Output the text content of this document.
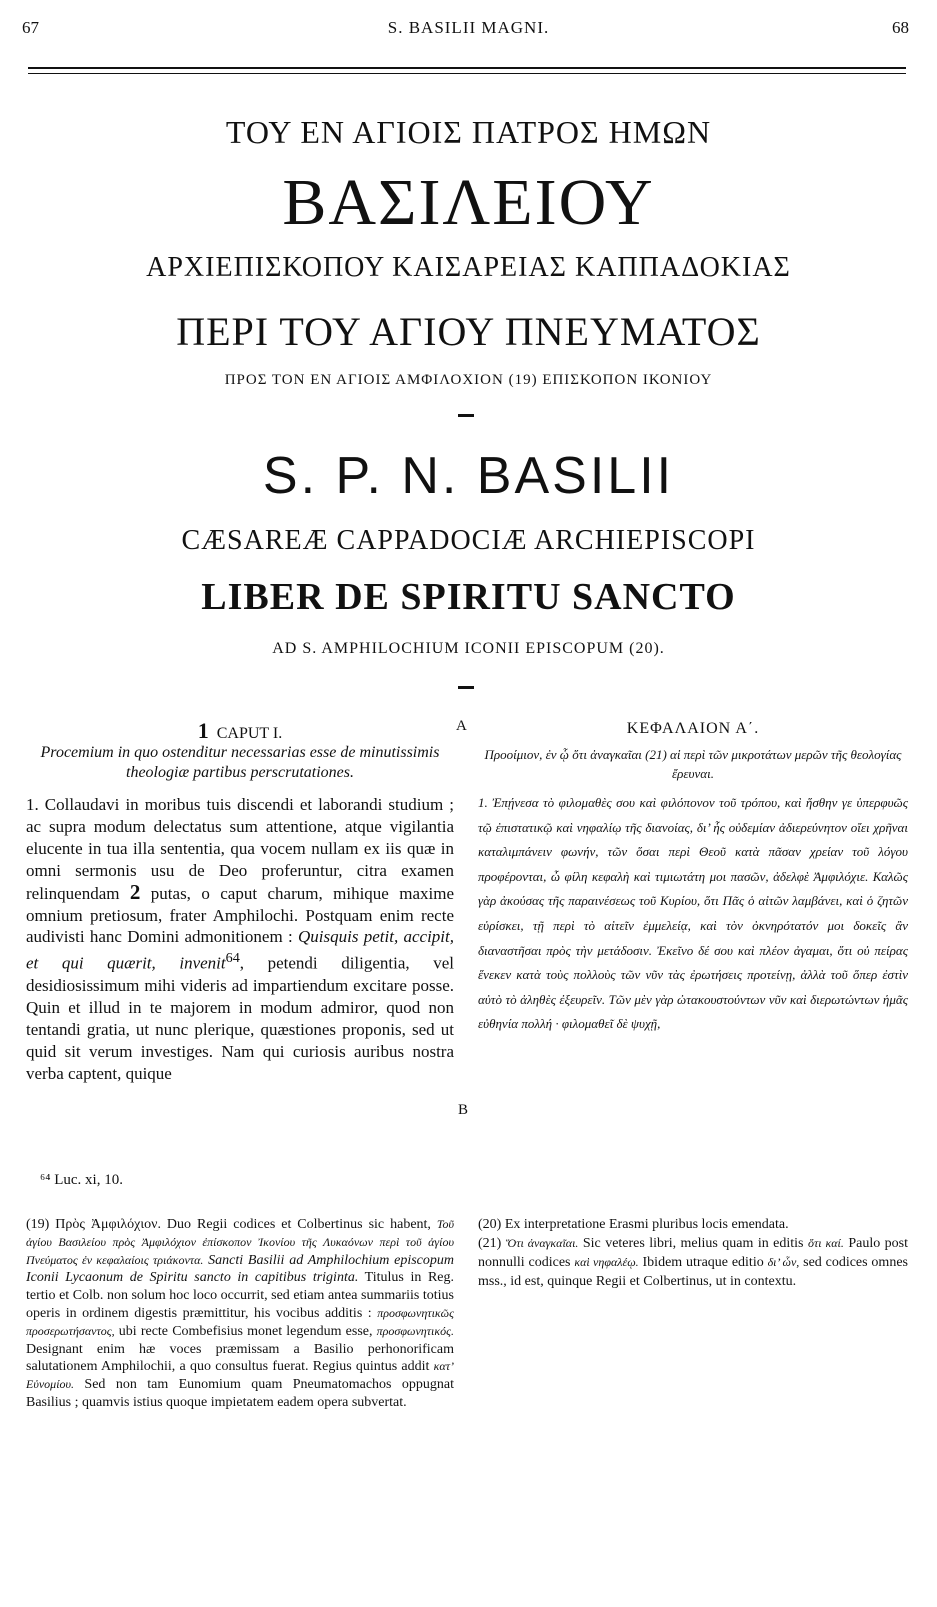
67	S. BASILII MAGNI.	68
ΤΟΥ ΕΝ ΑΓΙΟΙΣ ΠΑΤΡΟΣ ΗΜΩΝ
ΒΑΣΙΛΕΙΟΥ
ΑΡΧΙΕΠΙΣΚΟΠΟΥ ΚΑΙΣΑΡΕΙΑΣ ΚΑΠΠΑΔΟΚΙΑΣ
ΠΕΡΙ ΤΟΥ ΑΓΙΟΥ ΠΝΕΥΜΑΤΟΣ
ΠΡΟΣ ΤΟΝ ΕΝ ΑΓΙΟΙΣ ΑΜΦΙΛΟΧΙΟΝ (19) ΕΠΙΣΚΟΠΟΝ ΙΚΟΝΙΟΥ
S. P. N. BASILII
CÆSAREÆ CAPPADOCIÆ ARCHIEPISCOPI
LIBER DE SPIRITU SANCTO
AD S. AMPHILOCHIUM ICONII EPISCOPUM (20).
1 CAPUT I.	A	ΚΕΦΑΛΑΙΟΝ Α΄.
Procemium in quo ostenditur necessarias esse de minutissimis theologiæ partibus perscrutationes.
Προοίμιον, ἐν ᾧ ὅτι ἀναγκαῖαι (21) αἱ περὶ τῶν μικροτάτων μερῶν τῆς θεολογίας ἔρευναι.
1. Collaudavi in moribus tuis discendi et laborandi studium ; ac supra modum delectatus sum attentione, atque vigilantia elucente in tua illa sententia, qua vocem nullam ex iis quæ in omni sermonis usu de Deo proferuntur, citra examen relinquendam 2 putas, o caput charum, mihique maxime omnium pretiosum, frater Amphilochi. Postquam enim recte audivisti hanc Domini admonitionem : Quisquis petit, accipit, et qui quærit, invenit$^{64}$, petendi diligentia, vel desidiosissimum mihi videris ad impartiendum excitare posse. Quin et illud in te majorem in modum admiror, quod non tentandi gratia, ut nunc plerique, quæstiones proponis, sed ut quid sit verum investiges. Nam qui curiosis auribus nostra verba captent, quique
B
1. Ἐπῄνεσα τὸ φιλομαθὲς σου καὶ φιλόπονον τοῦ τρόπου, καὶ ἥσθην γε ὑπερφυῶς τῷ ἐπιστατικῷ καὶ νηφαλίῳ τῆς διανοίας, δι’ ἧς οὐδεμίαν ἀδιερεύνητον οἴει χρῆναι καταλιμπάνειν φωνήν, τῶν ὅσαι περὶ Θεοῦ κατὰ πᾶσαν χρείαν τοῦ λόγου προφέρονται, ὦ φίλη κεφαλὴ καὶ τιμιωτάτη μοι πασῶν, ἀδελφὲ Ἀμφιλόχιε. Καλῶς γὰρ ἀκούσας τῆς παραινέσεως τοῦ Κυρίου, ὅτι Πᾶς ὁ αἰτῶν λαμβάνει, καὶ ὁ ζητῶν εὑρίσκει, τῇ περὶ τὸ αἰτεῖν ἐμμελείᾳ, καὶ τὸν ὀκνηρότατόν μοι δοκεῖς ἂν διαναστῆσαι πρὸς τὴν μετάδοσιν. Ἐκεῖνο δέ σου καὶ πλέον ἀγαμαι, ὅτι οὐ πείρας ἕνεκεν κατὰ τοὺς πολλοὺς τῶν νῦν τὰς ἐρωτήσεις προτείνῃ, ἀλλὰ τοῦ ὅπερ ἐστὶν αὐτὸ τὸ ἀληθὲς ἐξευρεῖν. Τῶν μὲν γὰρ ὠτακουστούντων νῦν καὶ διερωτώντων ἡμᾶς εὐθηνία πολλή · φιλομαθεῖ δὲ ψυχῇ,
⁶⁴ Luc. xi, 10.
(19) Πρὸς Ἀμφιλόχιον. Duo Regii codices et Colbertinus sic habent, Τοῦ ἁγίου Βασιλείου πρὸς Ἀμφιλόχιον ἐπίσκοπον Ἰκονίου τῆς Λυκαόνων περὶ τοῦ ἁγίου Πνεύματος ἐν κεφαλαίοις τριάκοντα. Sancti Basilii ad Amphilochium episcopum Iconii Lycaonum de Spiritu sancto in capitibus triginta. Titulus in Reg. tertio et Colb. non solum hoc loco occurrit, sed etiam antea summariis totius operis in ordinem digestis præmittitur, his vocibus additis : προσφωνητικῶς προσερωτήσαντος, ubi recte Combefisius monet legendum esse, προσφωνητικός. Designant enim hæ voces præmissam a Basilio perhonorificam salutationem Amphilochii, a quo consultus fuerat. Regius quintus addit κατ’ Εὐνομίου. Sed non tam Eunomium quam Pneumatomachos oppugnat Basilius ; quamvis istius quoque impietatem eadem opera subvertat.

(20) Ex interpretatione Erasmi pluribus locis emendata.

(21) Ὅτι ἀναγκαῖαι. Sic veteres libri, melius quam in editis ὅτι καί. Paulo post nonnulli codices καὶ νηφαλέῳ. Ibidem utraque editio δι’ ὧν, sed codices omnes mss., id est, quinque Regii et Colbertinus, ut in contextu.
